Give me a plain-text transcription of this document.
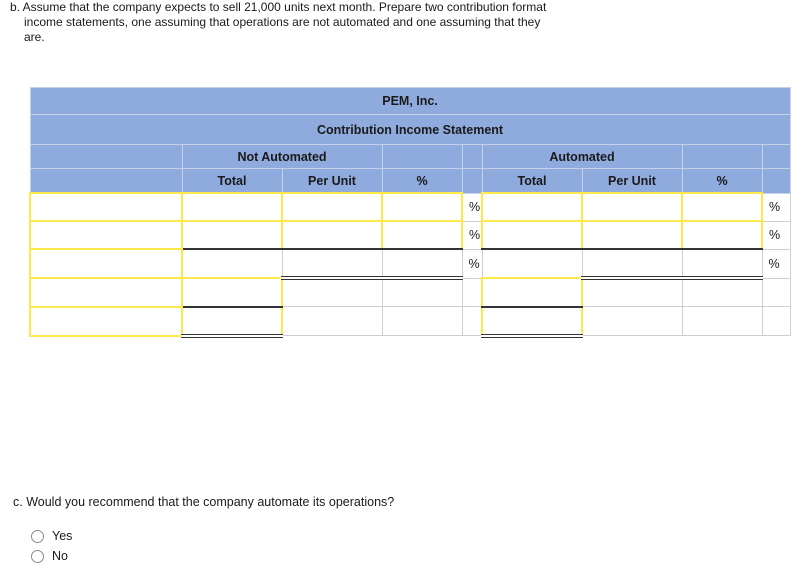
b. Assume that the company expects to sell 21,000 units next month. Prepare two contribution format
income statements, one assuming that operations are not automated and one assuming that they
are.
PEM, Inc.								
Contribution Income Statement								
	Not Automated				Automated			
	Total	Per Unit	%		Total	Per Unit	%	
				%				%
				%				%
				%				%

c. Would you recommend that the company automate its operations?
Yes
No
